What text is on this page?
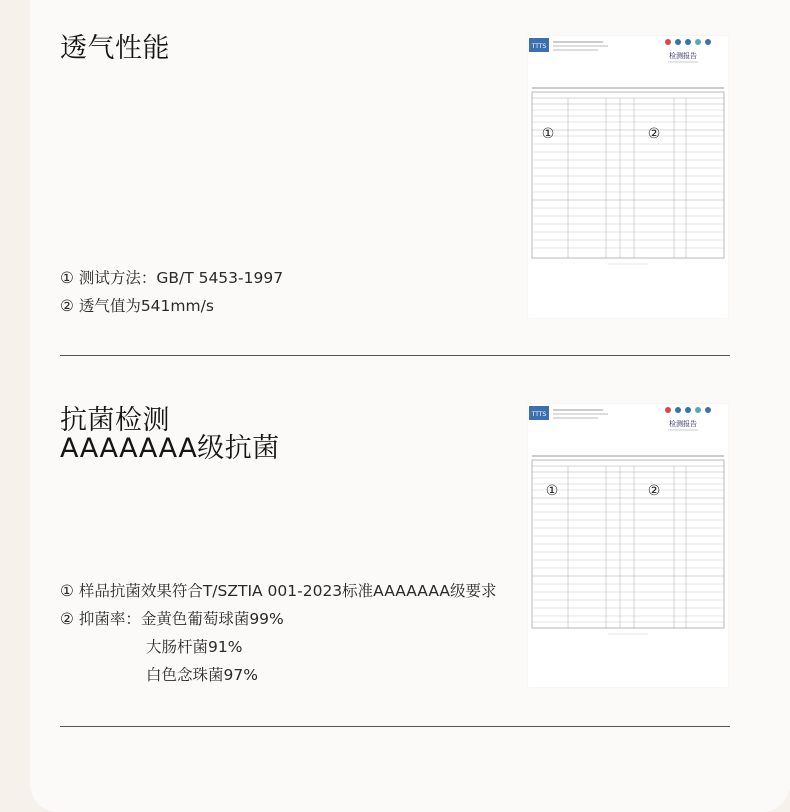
透气性能
① 测试方法：GB/T 5453-1997
② 透气值为541mm/s
TTTS
检测报告
①	②
抗菌检测
AAAAAAA级抗菌
① 样品抗菌效果符合T/SZTIA 001-2023标准AAAAAAA级要求
② 抑菌率：金黄色葡萄球菌99%
大肠杆菌91%
白色念珠菌97%
TTTS
检测报告
①	②
